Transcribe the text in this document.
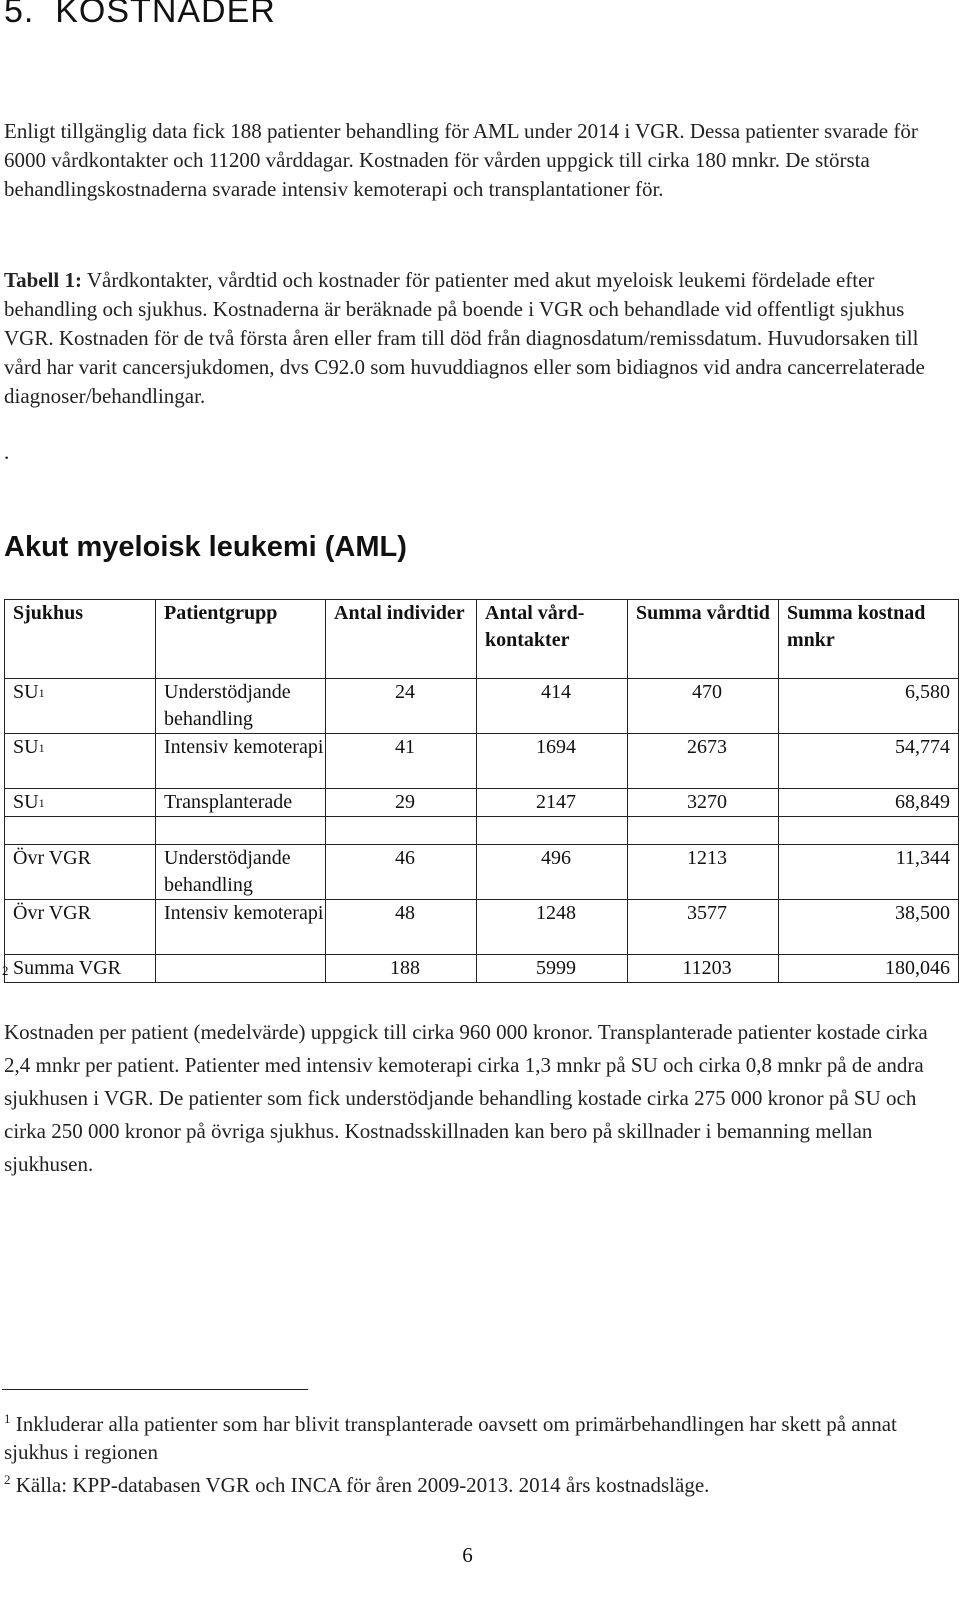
5.  KOSTNADER
Enligt tillgänglig data fick 188 patienter behandling för AML under 2014 i VGR. Dessa patienter svarade för 6000 vårdkontakter och 11200 vårddagar. Kostnaden för vården uppgick till cirka 180 mnkr. De största behandlingskostnaderna svarade intensiv kemoterapi och transplantationer för.
Tabell 1: Vårdkontakter, vårdtid och kostnader för patienter med akut myeloisk leukemi fördelade efter behandling och sjukhus. Kostnaderna är beräknade på boende i VGR och behandlade vid offentligt sjukhus VGR. Kostnaden för de två första åren eller fram till död från diagnosdatum/remissdatum. Huvudorsaken till vård har varit cancersjukdomen, dvs C92.0 som huvuddiagnos eller som bidiagnos vid andra cancerrelaterade diagnoser/behandlingar.
.
Akut myeloisk leukemi (AML)
Sjukhus	Patientgrupp	Antal individer	Antal vård-kontakter	Summa vårdtid	Summa kostnad mnkr
SU$^1$	Understödjande behandling	24	414	470	6,580
SU$^1$	Intensiv kemoterapi	41	1694	2673	54,774
SU$^1$	Transplanterade	29	2147	3270	68,849

Övr VGR	Understödjande behandling	46	496	1213	11,344
Övr VGR	Intensiv kemoterapi	48	1248	3577	38,500
Summa VGR		188	5999	11203	180,046
2
Kostnaden per patient (medelvärde) uppgick till cirka 960 000 kronor. Transplanterade patienter kostade cirka 2,4 mnkr per patient. Patienter med intensiv kemoterapi cirka 1,3 mnkr på SU och cirka 0,8 mnkr på de andra sjukhusen i VGR. De patienter som fick understödjande behandling kostade cirka 275 000 kronor på SU och cirka 250 000 kronor på övriga sjukhus. Kostnadsskillnaden kan bero på skillnader i bemanning mellan sjukhusen.
$^1$ Inkluderar alla patienter som har blivit transplanterade oavsett om primärbehandlingen har skett på annat sjukhus i regionen
$^2$ Källa: KPP-databasen VGR och INCA för åren 2009-2013. 2014 års kostnadsläge.
6
